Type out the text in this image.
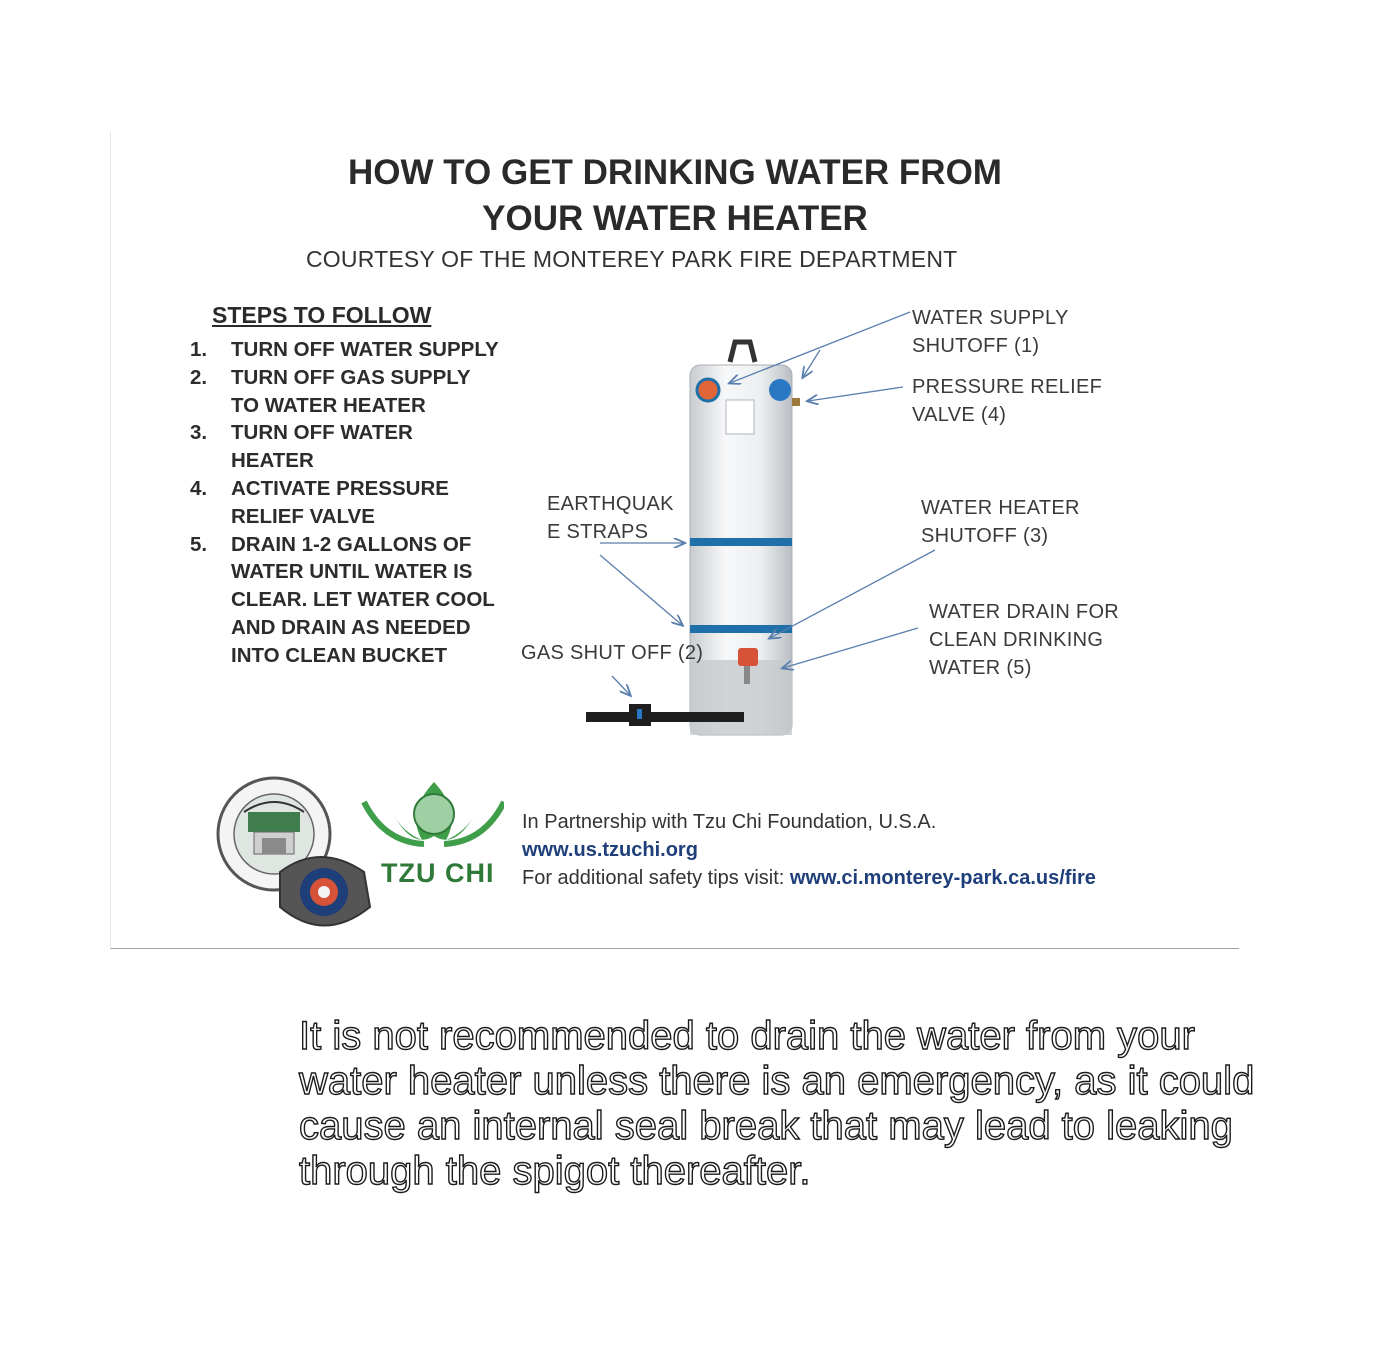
HOW TO GET DRINKING WATER FROM
YOUR WATER HEATER

COURTESY OF THE MONTEREY PARK FIRE DEPARTMENT

STEPS TO FOLLOW
1. TURN OFF WATER SUPPLY
2. TURN OFF GAS SUPPLY TO WATER HEATER
3. TURN OFF WATER HEATER
4. ACTIVATE PRESSURE RELIEF VALVE
5. DRAIN 1-2 GALLONS OF WATER UNTIL WATER IS CLEAR. LET WATER COOL AND DRAIN AS NEEDED INTO CLEAN BUCKET
WATER SUPPLY
SHUTOFF (1)
PRESSURE RELIEF
VALVE (4)
EARTHQUAK
E STRAPS
WATER HEATER
SHUTOFF (3)
WATER DRAIN FOR
CLEAN DRINKING
WATER (5)
GAS SHUT OFF (2)
TZU CHI
In Partnership with Tzu Chi Foundation, U.S.A.
www.us.tzuchi.org
For additional safety tips visit: www.ci.monterey-park.ca.us/fire

It is not recommended to drain the water from your water heater unless there is an emergency, as it could cause an internal seal break that may lead to leaking through the spigot thereafter.
